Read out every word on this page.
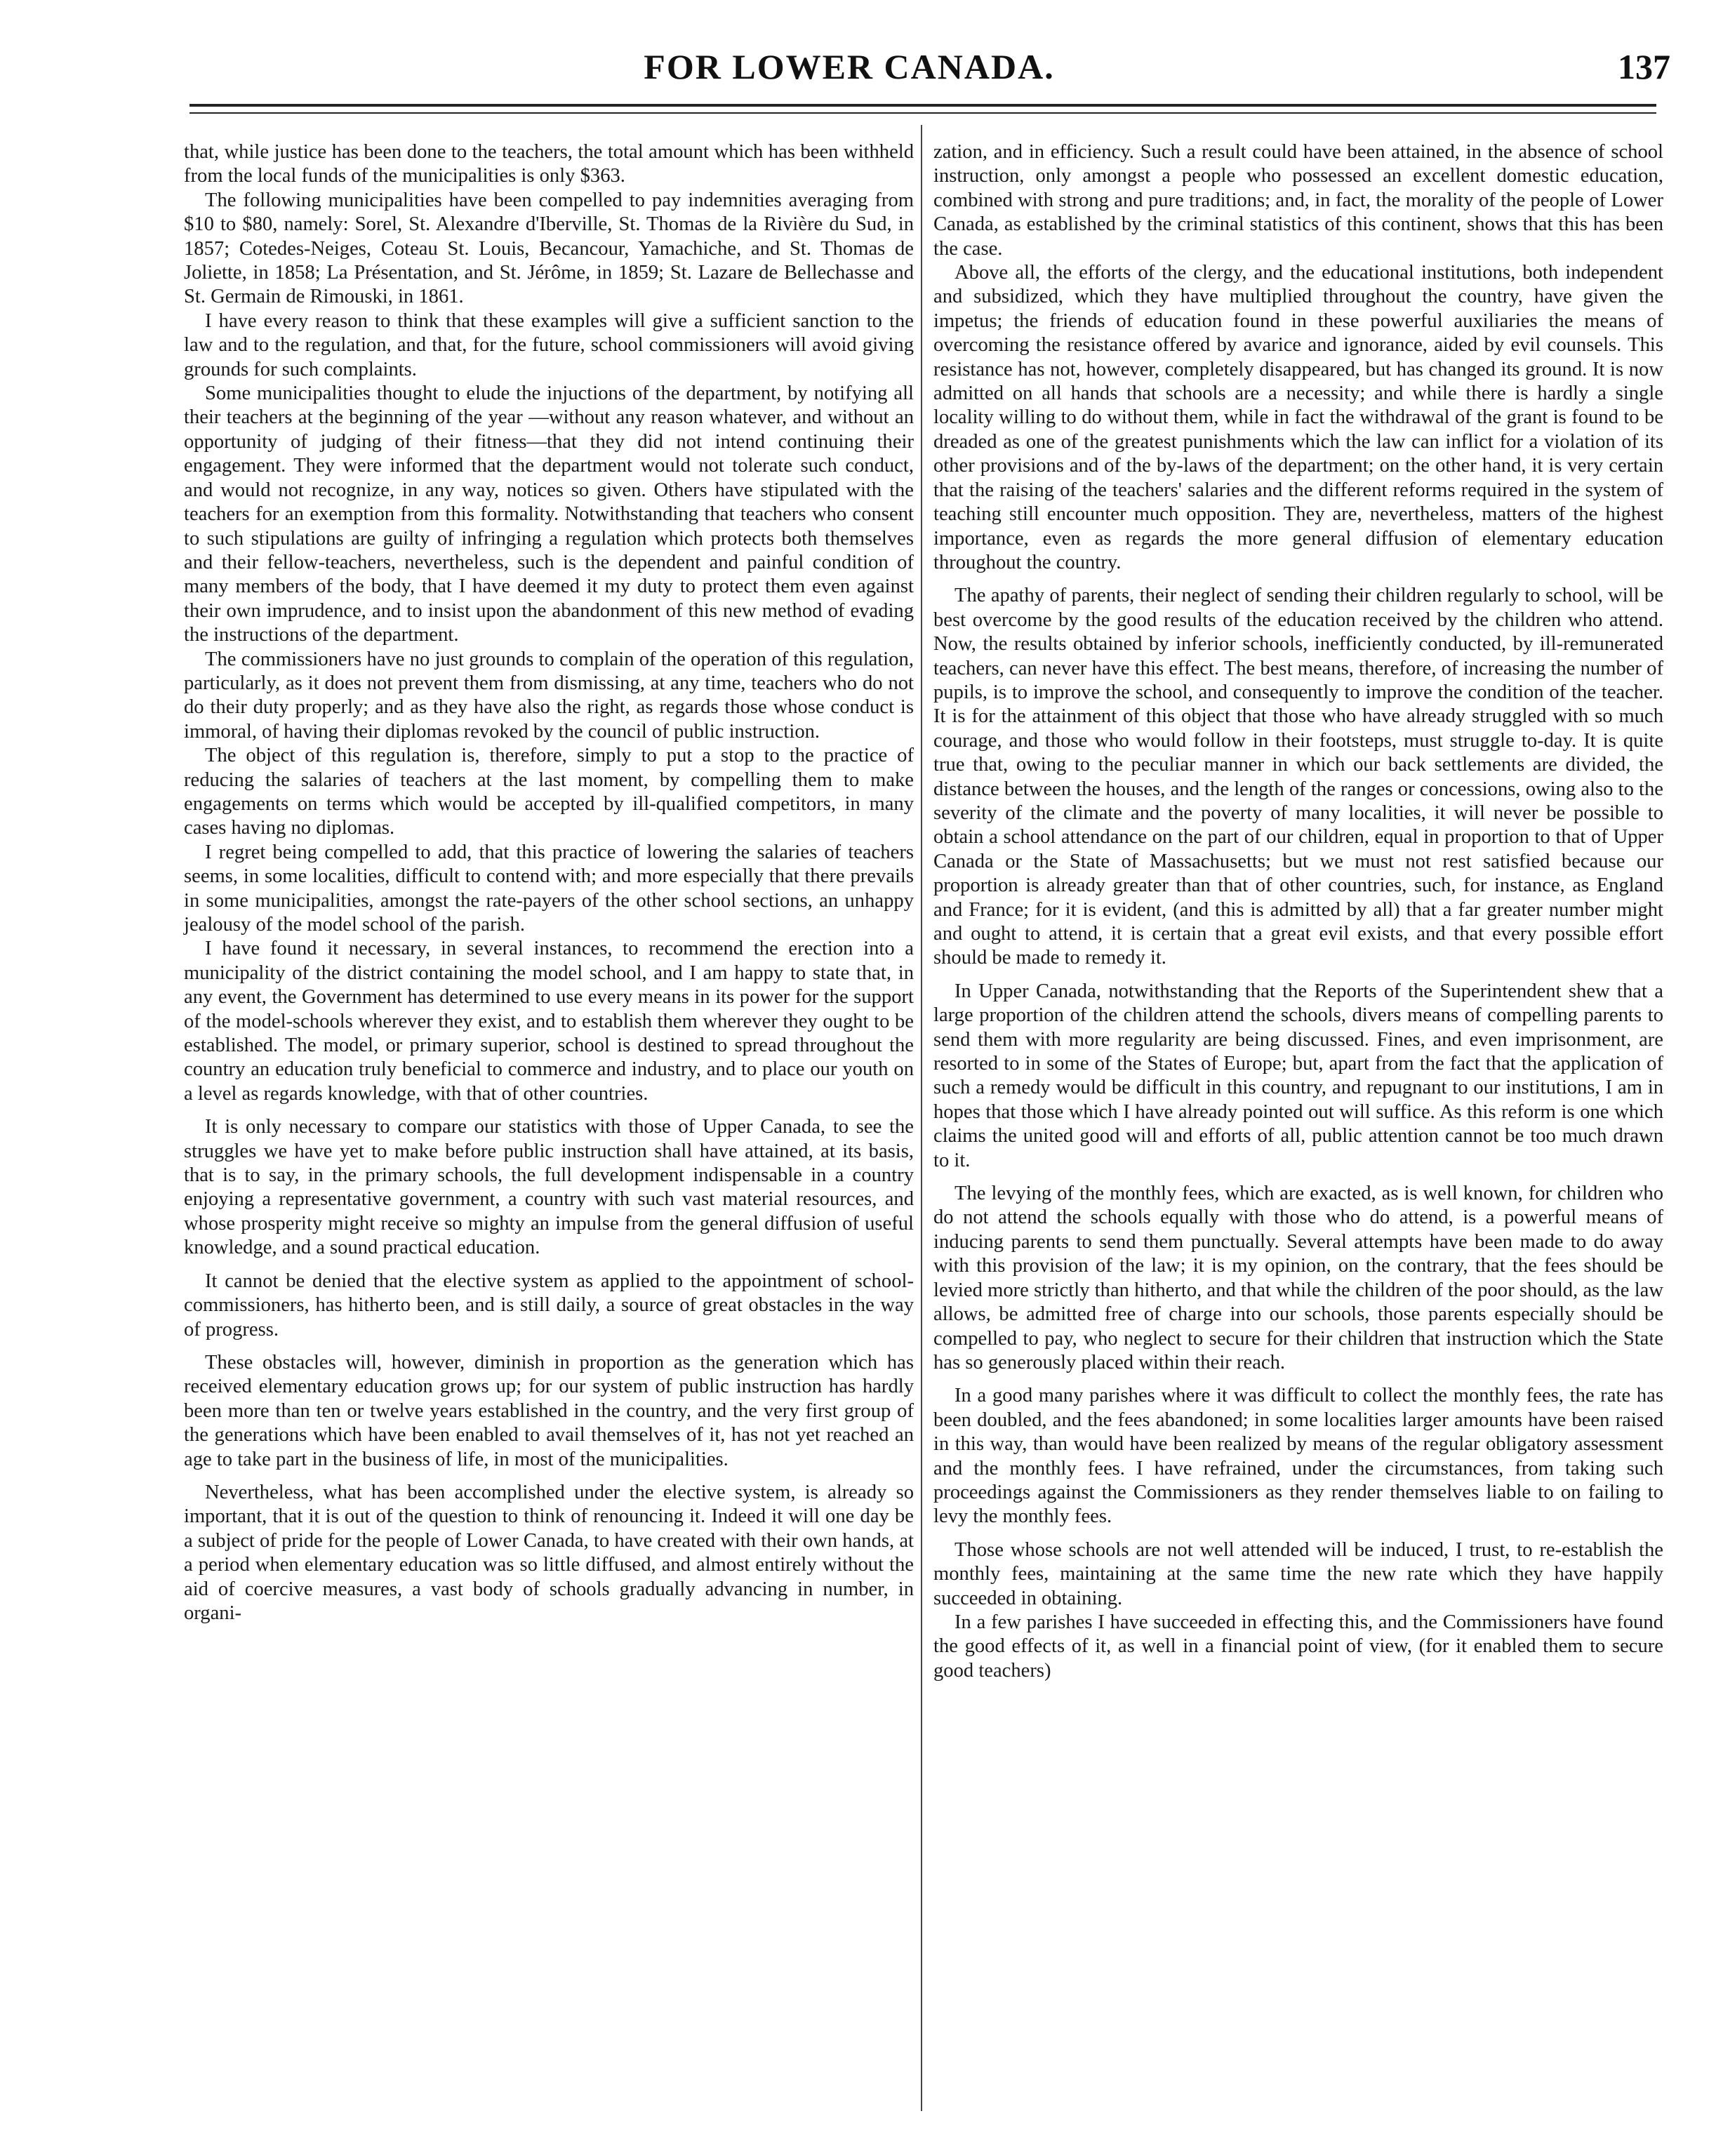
FOR LOWER CANADA.	137

that, while justice has been done to the teachers, the total amount which has been withheld from the local funds of the municipalities is only $363.

The following municipalities have been compelled to pay indemnities averaging from $10 to $80, namely: Sorel, St. Alexandre d'Iberville, St. Thomas de la Rivière du Sud, in 1857; Cotedes-Neiges, Coteau St. Louis, Becancour, Yamachiche, and St. Thomas de Joliette, in 1858; La Présentation, and St. Jérôme, in 1859; St. Lazare de Bellechasse and St. Germain de Rimouski, in 1861.

I have every reason to think that these examples will give a sufficient sanction to the law and to the regulation, and that, for the future, school commissioners will avoid giving grounds for such complaints.

Some municipalities thought to elude the injuctions of the department, by notifying all their teachers at the beginning of the year —without any reason whatever, and without an opportunity of judging of their fitness—that they did not intend continuing their engagement. They were informed that the department would not tolerate such conduct, and would not recognize, in any way, notices so given. Others have stipulated with the teachers for an exemption from this formality. Notwithstanding that teachers who consent to such stipulations are guilty of infringing a regulation which protects both themselves and their fellow-teachers, nevertheless, such is the dependent and painful condition of many members of the body, that I have deemed it my duty to protect them even against their own imprudence, and to insist upon the abandonment of this new method of evading the instructions of the department.

The commissioners have no just grounds to complain of the operation of this regulation, particularly, as it does not prevent them from dismissing, at any time, teachers who do not do their duty properly; and as they have also the right, as regards those whose conduct is immoral, of having their diplomas revoked by the council of public instruction.

The object of this regulation is, therefore, simply to put a stop to the practice of reducing the salaries of teachers at the last moment, by compelling them to make engagements on terms which would be accepted by ill-qualified competitors, in many cases having no diplomas.

I regret being compelled to add, that this practice of lowering the salaries of teachers seems, in some localities, difficult to contend with; and more especially that there prevails in some municipalities, amongst the rate-payers of the other school sections, an unhappy jealousy of the model school of the parish.

I have found it necessary, in several instances, to recommend the erection into a municipality of the district containing the model school, and I am happy to state that, in any event, the Government has determined to use every means in its power for the support of the model-schools wherever they exist, and to establish them wherever they ought to be established. The model, or primary superior, school is destined to spread throughout the country an education truly beneficial to commerce and industry, and to place our youth on a level as regards knowledge, with that of other countries.

It is only necessary to compare our statistics with those of Upper Canada, to see the struggles we have yet to make before public instruction shall have attained, at its basis, that is to say, in the primary schools, the full development indispensable in a country enjoying a representative government, a country with such vast material resources, and whose prosperity might receive so mighty an impulse from the general diffusion of useful knowledge, and a sound practical education.

It cannot be denied that the elective system as applied to the appointment of school-commissioners, has hitherto been, and is still daily, a source of great obstacles in the way of progress.

These obstacles will, however, diminish in proportion as the generation which has received elementary education grows up; for our system of public instruction has hardly been more than ten or twelve years established in the country, and the very first group of the generations which have been enabled to avail themselves of it, has not yet reached an age to take part in the business of life, in most of the municipalities.

Nevertheless, what has been accomplished under the elective system, is already so important, that it is out of the question to think of renouncing it. Indeed it will one day be a subject of pride for the people of Lower Canada, to have created with their own hands, at a period when elementary education was so little diffused, and almost entirely without the aid of coercive measures, a vast body of schools gradually advancing in number, in organi-

zation, and in efficiency. Such a result could have been attained, in the absence of school instruction, only amongst a people who possessed an excellent domestic education, combined with strong and pure traditions; and, in fact, the morality of the people of Lower Canada, as established by the criminal statistics of this continent, shows that this has been the case.

Above all, the efforts of the clergy, and the educational institutions, both independent and subsidized, which they have multiplied throughout the country, have given the impetus; the friends of education found in these powerful auxiliaries the means of overcoming the resistance offered by avarice and ignorance, aided by evil counsels. This resistance has not, however, completely disappeared, but has changed its ground. It is now admitted on all hands that schools are a necessity; and while there is hardly a single locality willing to do without them, while in fact the withdrawal of the grant is found to be dreaded as one of the greatest punishments which the law can inflict for a violation of its other provisions and of the by-laws of the department; on the other hand, it is very certain that the raising of the teachers' salaries and the different reforms required in the system of teaching still encounter much opposition. They are, nevertheless, matters of the highest importance, even as regards the more general diffusion of elementary education throughout the country.

The apathy of parents, their neglect of sending their children regularly to school, will be best overcome by the good results of the education received by the children who attend. Now, the results obtained by inferior schools, inefficiently conducted, by ill-remunerated teachers, can never have this effect. The best means, therefore, of increasing the number of pupils, is to improve the school, and consequently to improve the condition of the teacher. It is for the attainment of this object that those who have already struggled with so much courage, and those who would follow in their footsteps, must struggle to-day. It is quite true that, owing to the peculiar manner in which our back settlements are divided, the distance between the houses, and the length of the ranges or concessions, owing also to the severity of the climate and the poverty of many localities, it will never be possible to obtain a school attendance on the part of our children, equal in proportion to that of Upper Canada or the State of Massachusetts; but we must not rest satisfied because our proportion is already greater than that of other countries, such, for instance, as England and France; for it is evident, (and this is admitted by all) that a far greater number might and ought to attend, it is certain that a great evil exists, and that every possible effort should be made to remedy it.

In Upper Canada, notwithstanding that the Reports of the Superintendent shew that a large proportion of the children attend the schools, divers means of compelling parents to send them with more regularity are being discussed. Fines, and even imprisonment, are resorted to in some of the States of Europe; but, apart from the fact that the application of such a remedy would be difficult in this country, and repugnant to our institutions, I am in hopes that those which I have already pointed out will suffice. As this reform is one which claims the united good will and efforts of all, public attention cannot be too much drawn to it.

The levying of the monthly fees, which are exacted, as is well known, for children who do not attend the schools equally with those who do attend, is a powerful means of inducing parents to send them punctually. Several attempts have been made to do away with this provision of the law; it is my opinion, on the contrary, that the fees should be levied more strictly than hitherto, and that while the children of the poor should, as the law allows, be admitted free of charge into our schools, those parents especially should be compelled to pay, who neglect to secure for their children that instruction which the State has so generously placed within their reach.

In a good many parishes where it was difficult to collect the monthly fees, the rate has been doubled, and the fees abandoned; in some localities larger amounts have been raised in this way, than would have been realized by means of the regular obligatory assessment and the monthly fees. I have refrained, under the circumstances, from taking such proceedings against the Commissioners as they render themselves liable to on failing to levy the monthly fees.

Those whose schools are not well attended will be induced, I trust, to re-establish the monthly fees, maintaining at the same time the new rate which they have happily succeeded in obtaining.

In a few parishes I have succeeded in effecting this, and the Commissioners have found the good effects of it, as well in a financial point of view, (for it enabled them to secure good teachers)
